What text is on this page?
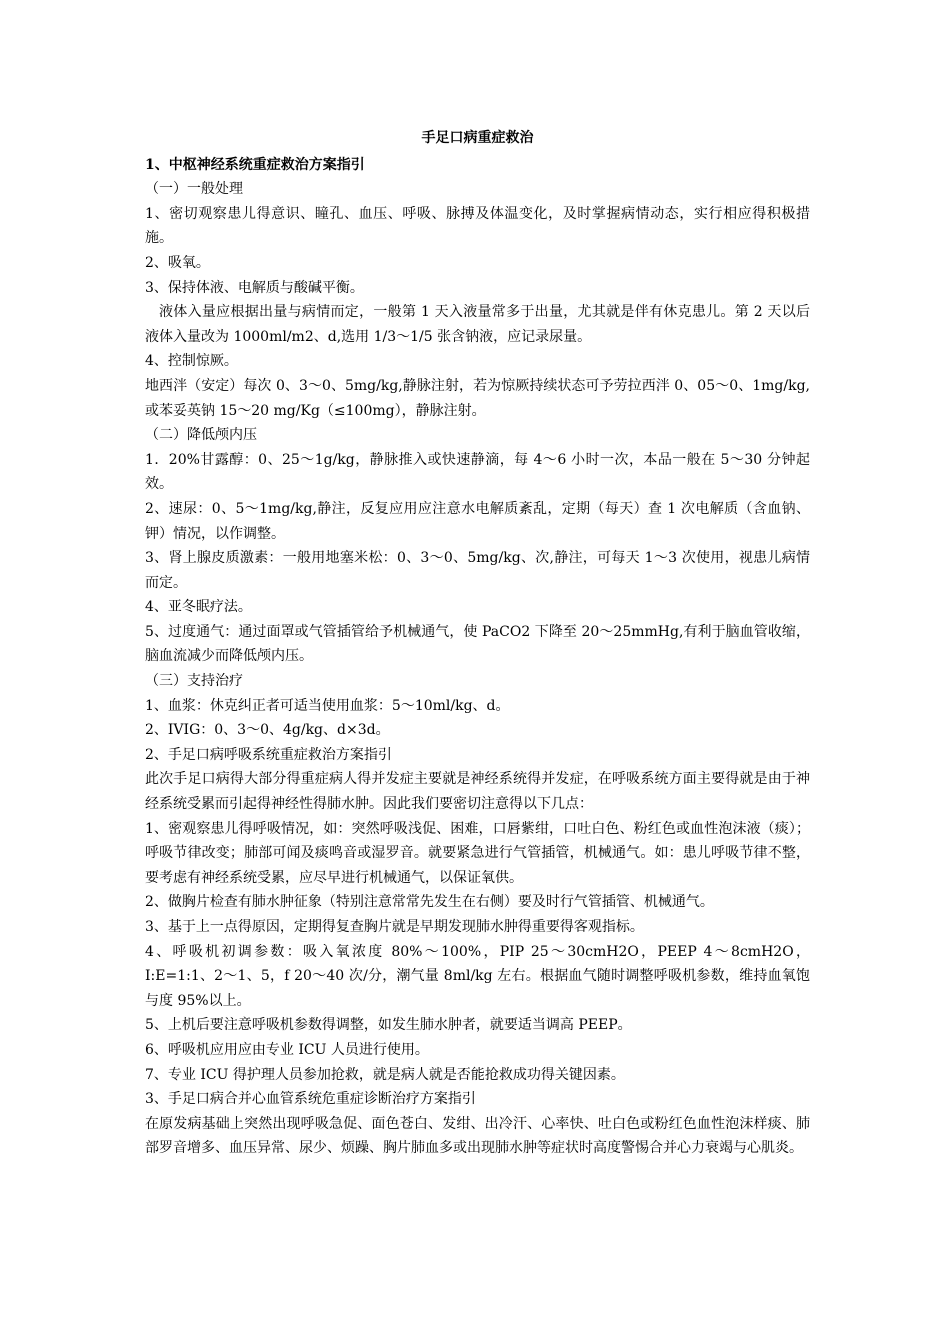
手足口病重症救治
1、中枢神经系统重症救治方案指引
（一）一般处理
1、密切观察患儿得意识、瞳孔、血压、呼吸、脉搏及体温变化，及时掌握病情动态，实行相应得积极措施。
2、吸氧。
3、保持体液、电解质与酸碱平衡。
液体入量应根据出量与病情而定，一般第 1 天入液量常多于出量，尤其就是伴有休克患儿。第 2 天以后液体入量改为 1000ml/m2、d,选用 1/3～1/5 张含钠液，应记录尿量。
4、控制惊厥。
地西泮（安定）每次 0、3～0、5mg/kg,静脉注射，若为惊厥持续状态可予劳拉西泮 0、05～0、1mg/kg,或苯妥英钠 15～20 mg/Kg（≤100mg），静脉注射。
（二）降低颅内压
1．20%甘露醇：0、25～1g/kg，静脉推入或快速静滴，每 4～6 小时一次，本品一般在 5～30 分钟起效。
2、速尿：0、5～1mg/kg,静注，反复应用应注意水电解质紊乱，定期（每天）查 1 次电解质（含血钠、钾）情况，以作调整。
3、肾上腺皮质激素：一般用地塞米松：0、3～0、5mg/kg、次,静注，可每天 1～3 次使用，视患儿病情而定。
4、亚冬眠疗法。
5、过度通气：通过面罩或气管插管给予机械通气，使 PaCO2 下降至 20～25mmHg,有利于脑血管收缩，脑血流减少而降低颅内压。
（三）支持治疗
1、血浆：休克纠正者可适当使用血浆：5～10ml/kg、d。
2、IVIG：0、3～0、4g/kg、d×3d。
2、手足口病呼吸系统重症救治方案指引
此次手足口病得大部分得重症病人得并发症主要就是神经系统得并发症，在呼吸系统方面主要得就是由于神经系统受累而引起得神经性得肺水肿。因此我们要密切注意得以下几点：
1、密观察患儿得呼吸情况，如：突然呼吸浅促、困难，口唇紫绀，口吐白色、粉红色或血性泡沫液（痰）；呼吸节律改变；肺部可闻及痰鸣音或湿罗音。就要紧急进行气管插管，机械通气。如：患儿呼吸节律不整，要考虑有神经系统受累，应尽早进行机械通气，以保证氧供。
2、做胸片检查有肺水肿征象（特别注意常常先发生在右侧）要及时行气管插管、机械通气。
3、基于上一点得原因，定期得复查胸片就是早期发现肺水肿得重要得客观指标。
4、呼吸机初调参数：吸入氧浓度 80%～100%，PIP 25～30cmH2O，PEEP 4～8cmH2O，I:E=1:1、2～1、5，f 20～40 次/分，潮气量 8ml/kg 左右。根据血气随时调整呼吸机参数，维持血氧饱与度 95%以上。
5、上机后要注意呼吸机参数得调整，如发生肺水肿者，就要适当调高 PEEP。
6、呼吸机应用应由专业 ICU 人员进行使用。
7、专业 ICU 得护理人员参加抢救，就是病人就是否能抢救成功得关键因素。
3、手足口病合并心血管系统危重症诊断治疗方案指引
在原发病基础上突然出现呼吸急促、面色苍白、发绀、出冷汗、心率快、吐白色或粉红色血性泡沫样痰、肺部罗音增多、血压异常、尿少、烦躁、胸片肺血多或出现肺水肿等症状时高度警惕合并心力衰竭与心肌炎。
